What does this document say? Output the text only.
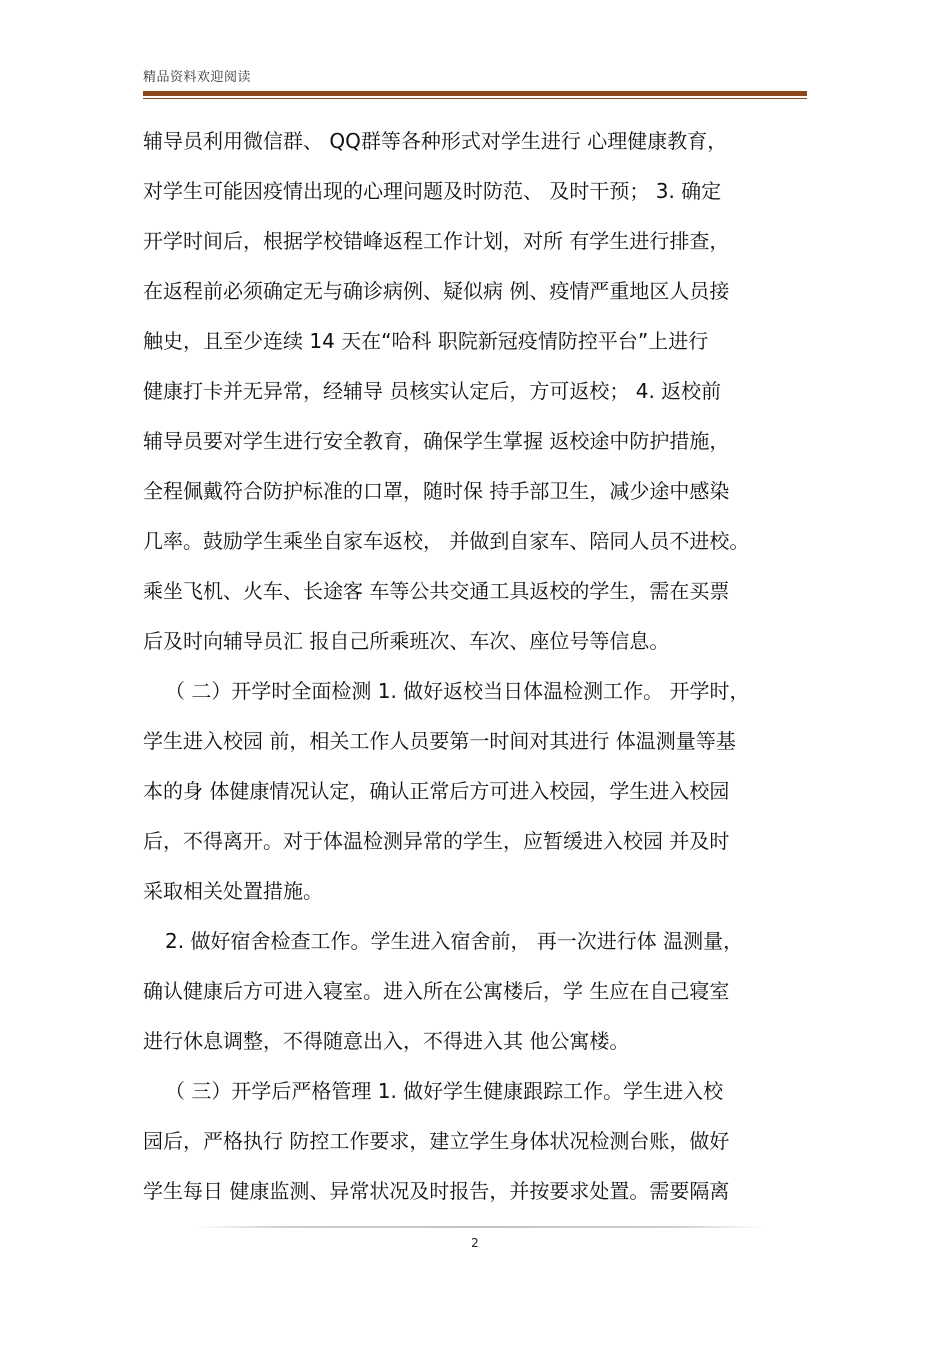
精品资料欢迎阅读
辅导员利用微信群、 QQ群等各种形式对学生进行 心理健康教育，
对学生可能因疫情出现的心理问题及时防范、 及时干预； 3. 确定
开学时间后，根据学校错峰返程工作计划，对所 有学生进行排查，
在返程前必须确定无与确诊病例、疑似病 例、疫情严重地区人员接
触史，且至少连续 14 天在“哈科 职院新冠疫情防控平台”上进行
健康打卡并无异常，经辅导 员核实认定后，方可返校； 4. 返校前
辅导员要对学生进行安全教育，确保学生掌握 返校途中防护措施，
全程佩戴符合防护标准的口罩，随时保 持手部卫生，减少途中感染
几率。鼓励学生乘坐自家车返校， 并做到自家车、陪同人员不进校。
乘坐飞机、火车、长途客 车等公共交通工具返校的学生，需在买票
后及时向辅导员汇 报自己所乘班次、车次、座位号等信息。
（ 二）开学时全面检测 1. 做好返校当日体温检测工作。 开学时，
学生进入校园 前，相关工作人员要第一时间对其进行 体温测量等基
本的身 体健康情况认定，确认正常后方可进入校园，学生进入校园
后，不得离开。对于体温检测异常的学生，应暂缓进入校园 并及时
采取相关处置措施。
2. 做好宿舍检查工作。学生进入宿舍前， 再一次进行体 温测量，
确认健康后方可进入寝室。进入所在公寓楼后，学 生应在自己寝室
进行休息调整，不得随意出入，不得进入其 他公寓楼。
（ 三）开学后严格管理 1. 做好学生健康跟踪工作。学生进入校
园后，严格执行 防控工作要求，建立学生身体状况检测台账，做好
学生每日 健康监测、异常状况及时报告，并按要求处置。需要隔离
2
